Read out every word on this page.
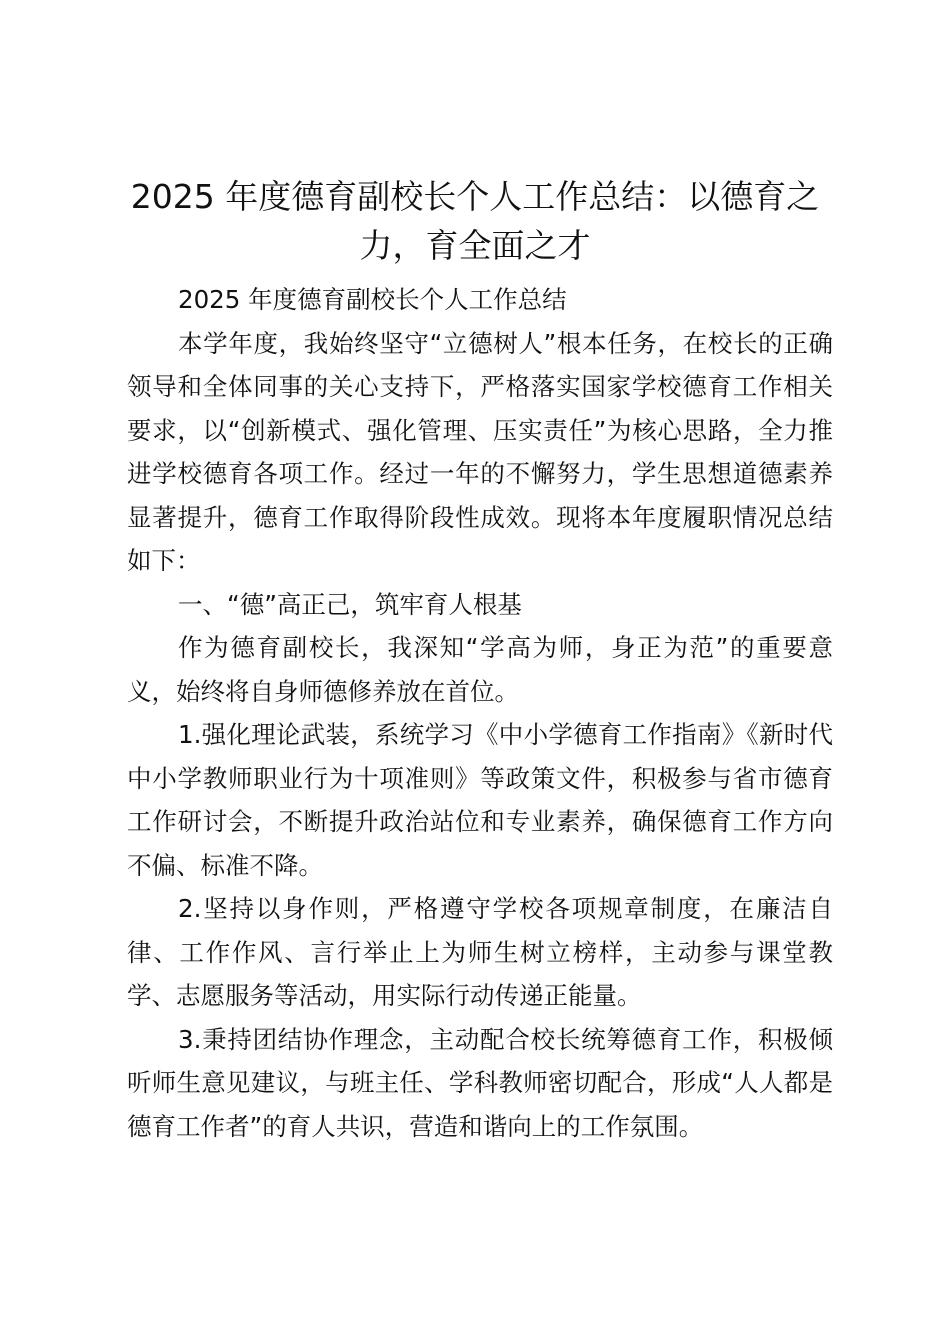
2025 年度德育副校长个人工作总结：以德育之力，育全面之才

2025 年度德育副校长个人工作总结

本学年度，我始终坚守“立德树人”根本任务，在校长的正确领导和全体同事的关心支持下，严格落实国家学校德育工作相关要求，以“创新模式、强化管理、压实责任”为核心思路，全力推进学校德育各项工作。经过一年的不懈努力，学生思想道德素养显著提升，德育工作取得阶段性成效。现将本年度履职情况总结如下：

一、“德”高正己，筑牢育人根基

作为德育副校长，我深知“学高为师，身正为范”的重要意义，始终将自身师德修养放在首位。

1.强化理论武装，系统学习《中小学德育工作指南》《新时代中小学教师职业行为十项准则》等政策文件，积极参与省市德育工作研讨会，不断提升政治站位和专业素养，确保德育工作方向不偏、标准不降。

2.坚持以身作则，严格遵守学校各项规章制度，在廉洁自律、工作作风、言行举止上为师生树立榜样，主动参与课堂教学、志愿服务等活动，用实际行动传递正能量。

3.秉持团结协作理念，主动配合校长统筹德育工作，积极倾听师生意见建议，与班主任、学科教师密切配合，形成“人人都是德育工作者”的育人共识，营造和谐向上的工作氛围。
